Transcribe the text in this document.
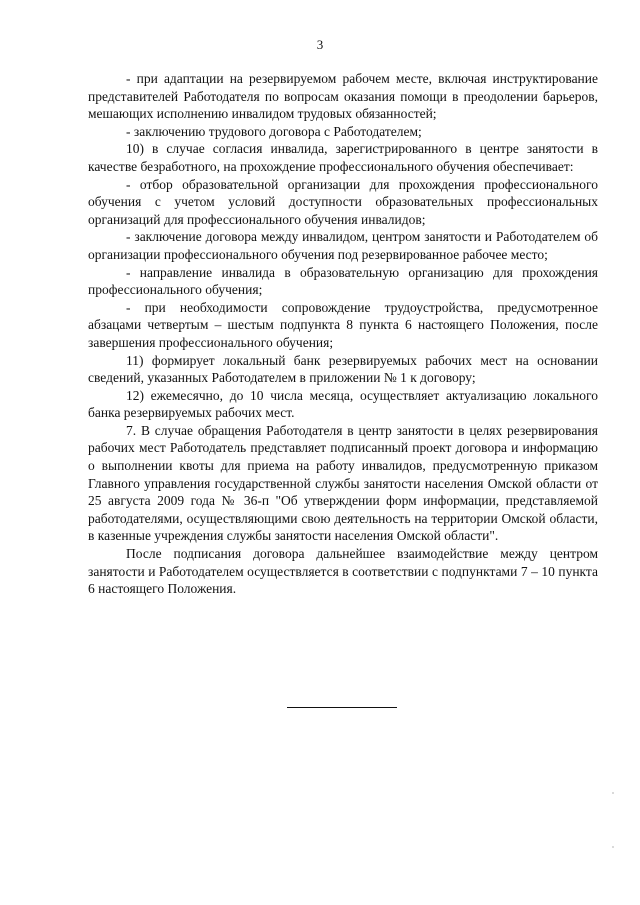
3

- при адаптации на резервируемом рабочем месте, включая инструктирование представителей Работодателя по вопросам оказания помощи в преодолении барьеров, мешающих исполнению инвалидом трудовых обязанностей;

- заключению трудового договора с Работодателем;

10) в случае согласия инвалида, зарегистрированного в центре занятости в качестве безработного, на прохождение профессионального обучения обеспечивает:

- отбор образовательной организации для прохождения профессионального обучения с учетом условий доступности образовательных профессиональных организаций для профессионального обучения инвалидов;

- заключение договора между инвалидом, центром занятости и Работодателем об организации профессионального обучения под резервированное рабочее место;

- направление инвалида в образовательную организацию для прохождения профессионального обучения;

- при необходимости сопровождение трудоустройства, предусмотренное абзацами четвертым – шестым подпункта 8 пункта 6 настоящего Положения, после завершения профессионального обучения;

11) формирует локальный банк резервируемых рабочих мест на основании сведений, указанных Работодателем в приложении № 1 к договору;

12) ежемесячно, до 10 числа месяца, осуществляет актуализацию локального банка резервируемых рабочих мест.

7. В случае обращения Работодателя в центр занятости в целях резервирования рабочих мест Работодатель представляет подписанный проект договора и информацию о выполнении квоты для приема на работу инвалидов, предусмотренную приказом Главного управления государственной службы занятости населения Омской области от 25 августа 2009 года № 36-п "Об утверждении форм информации, представляемой работодателями, осуществляющими свою деятельность на территории Омской области, в казенные учреждения службы занятости населения Омской области".

После подписания договора дальнейшее взаимодействие между центром занятости и Работодателем осуществляется в соответствии с подпунктами 7 – 10 пункта 6 настоящего Положения.
